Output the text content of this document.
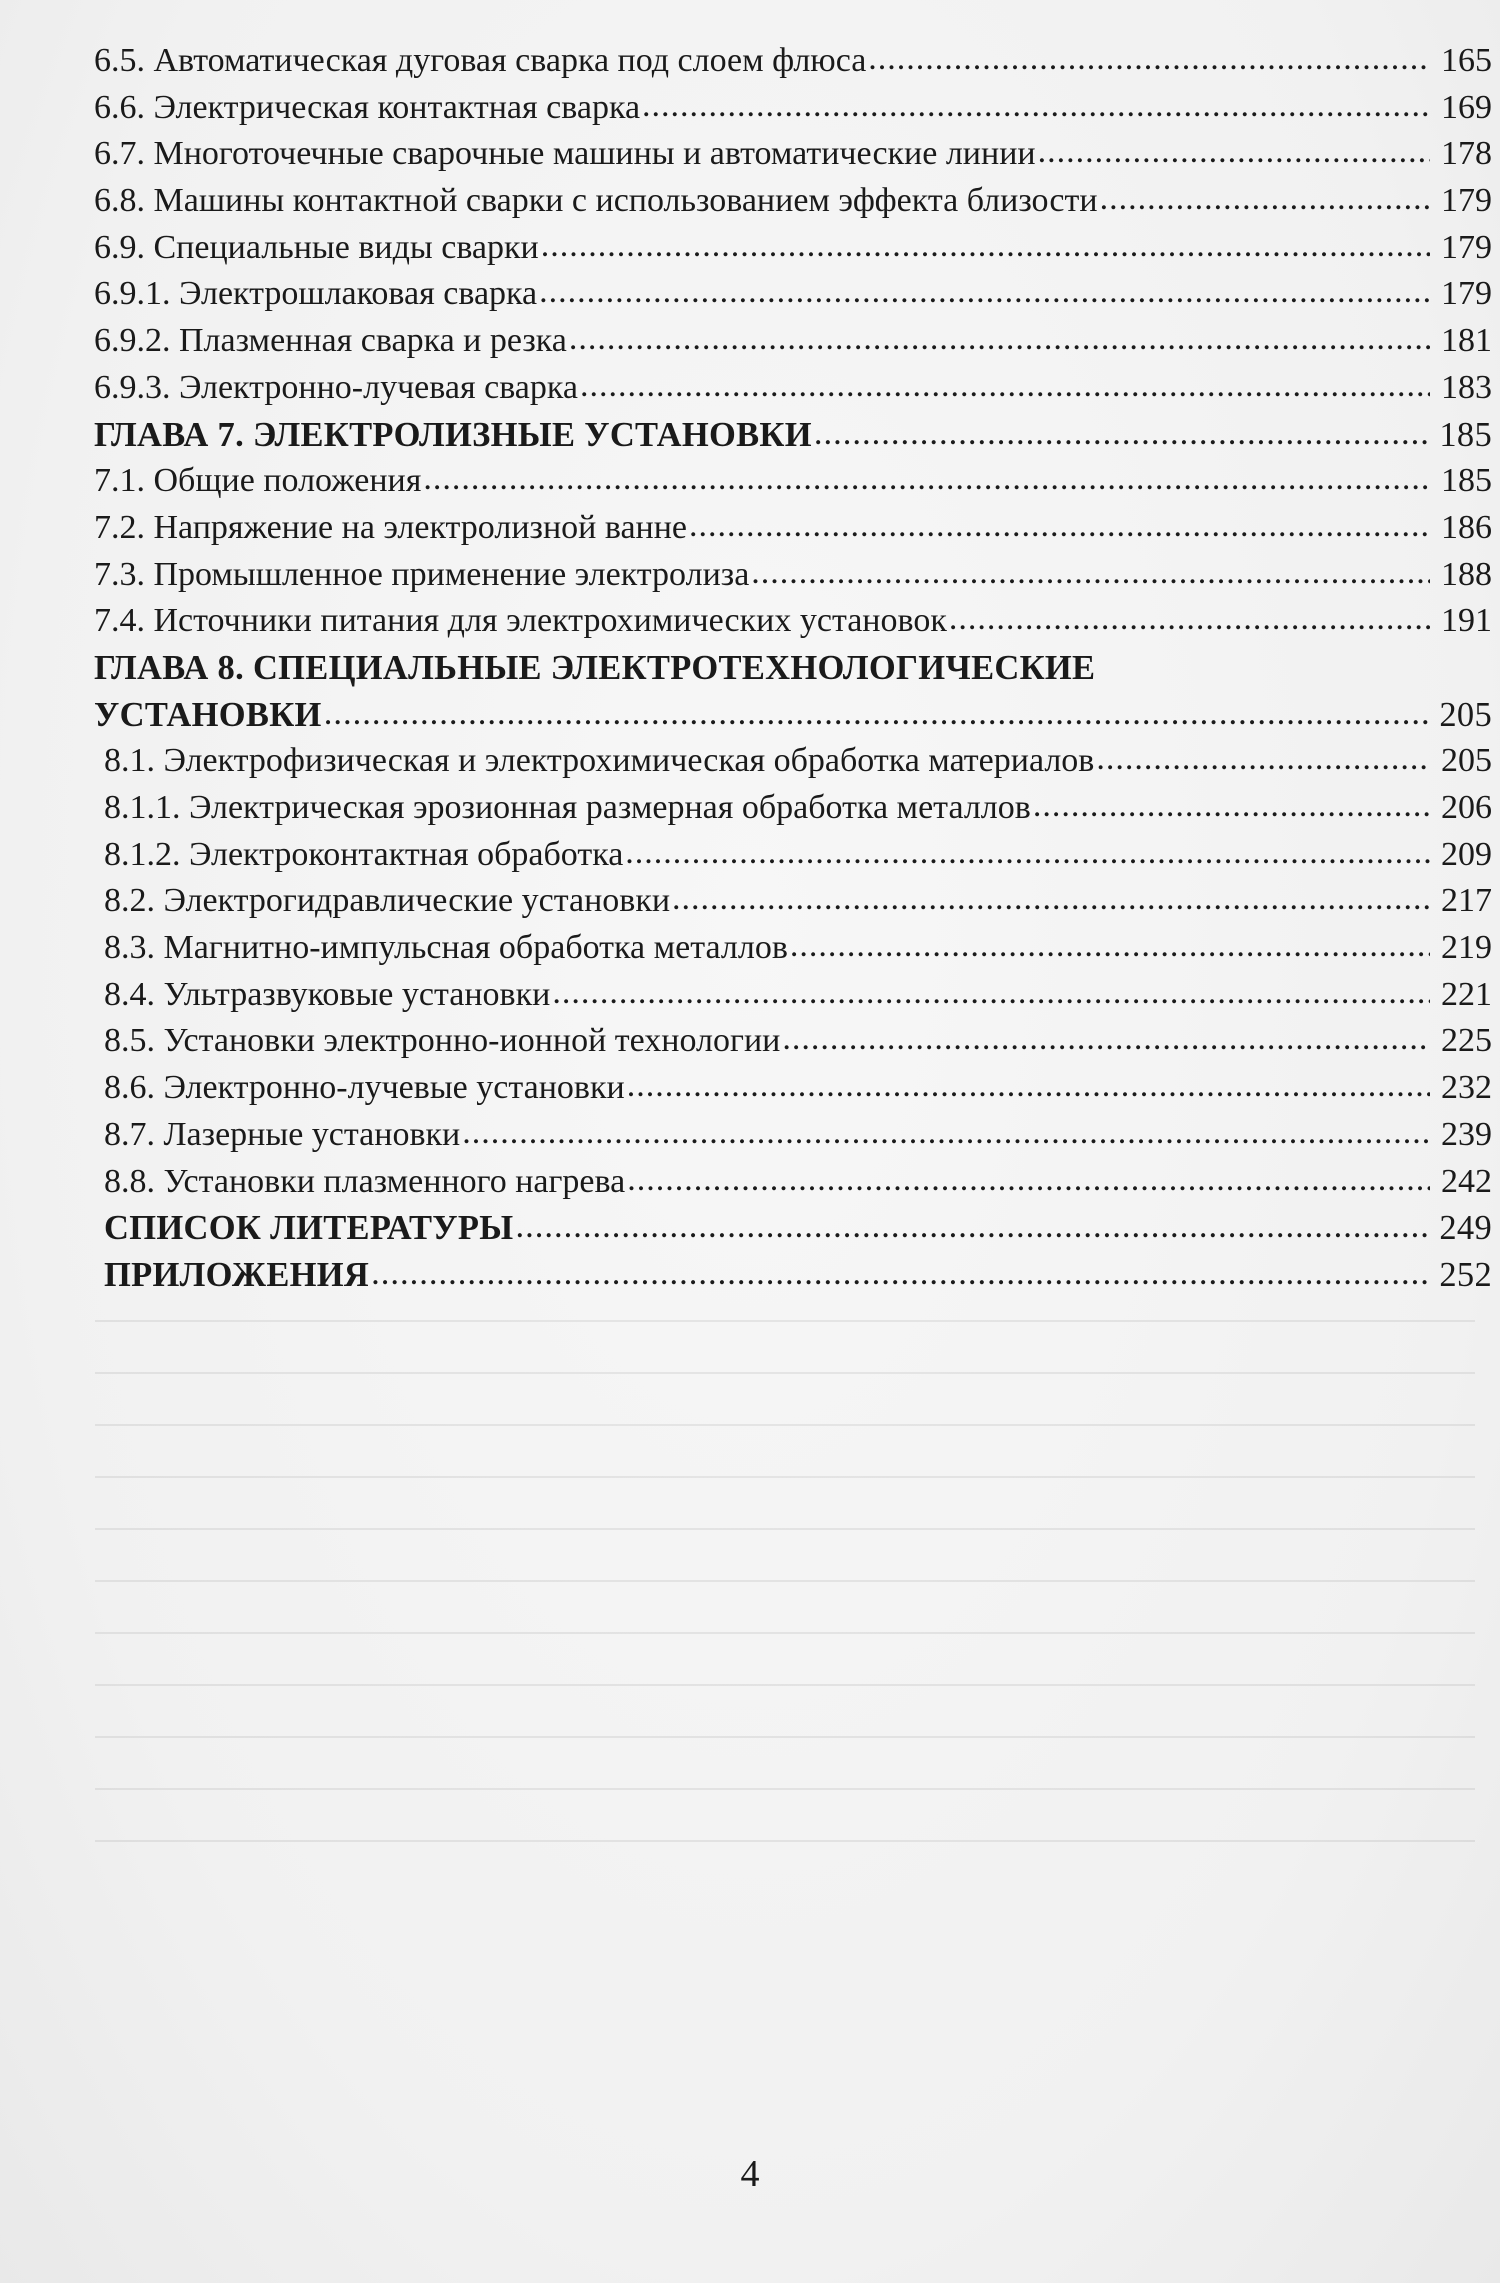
6.5. Автоматическая дуговая сварка под слоем флюса .....	165
6.6. Электрическая контактная сварка .....	169
6.7. Многоточечные сварочные машины и автоматические линии .....	178
6.8. Машины контактной сварки с использованием эффекта близости .....	179
6.9. Специальные виды сварки .....	179
6.9.1. Электрошлаковая сварка .....	179
6.9.2. Плазменная сварка и резка .....	181
6.9.3. Электронно-лучевая сварка .....	183
ГЛАВА 7. ЭЛЕКТРОЛИЗНЫЕ УСТАНОВКИ .....	185
7.1. Общие положения .....	185
7.2. Напряжение на электролизной ванне .....	186
7.3. Промышленное применение электролиза .....	188
7.4. Источники питания для электрохимических установок .....	191
ГЛАВА 8. СПЕЦИАЛЬНЫЕ ЭЛЕКТРОТЕХНОЛОГИЧЕСКИЕ
УСТАНОВКИ .....	205
8.1. Электрофизическая и электрохимическая обработка материалов .....	205
8.1.1. Электрическая эрозионная размерная обработка металлов .....	206
8.1.2. Электроконтактная обработка .....	209
8.2. Электрогидравлические установки .....	217
8.3. Магнитно-импульсная обработка металлов .....	219
8.4. Ультразвуковые установки .....	221
8.5. Установки электронно-ионной технологии .....	225
8.6. Электронно-лучевые установки .....	232
8.7. Лазерные установки .....	239
8.8. Установки плазменного нагрева .....	242
СПИСОК ЛИТЕРАТУРЫ .....	249
ПРИЛОЖЕНИЯ .....	252
4
